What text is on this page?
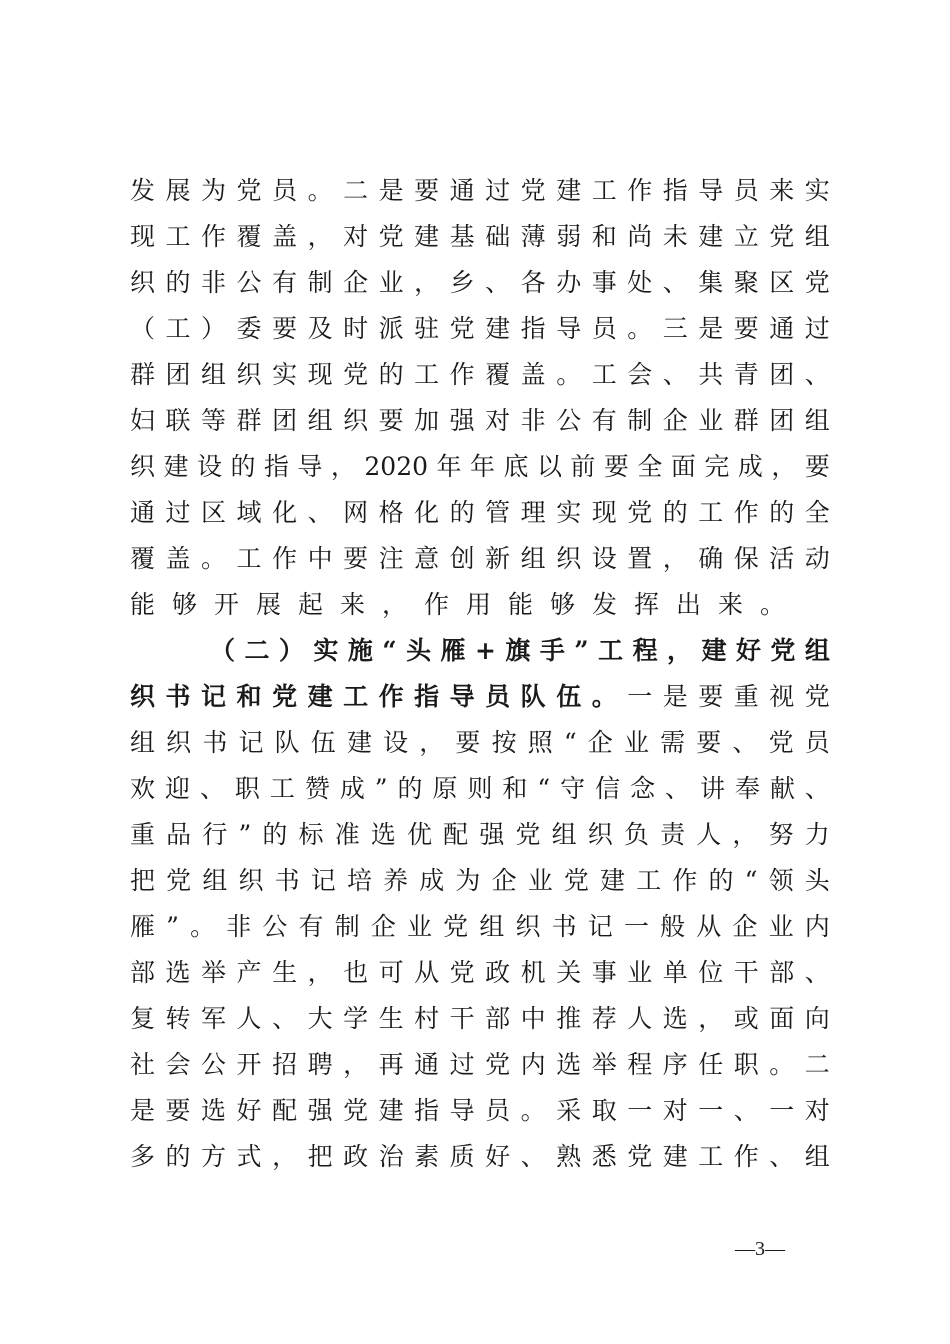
发 展 为 党 员 。 二 是 要 通 过 党 建 工 作 指 导 员 来 实
现 工 作 覆 盖 ， 对 党 建 基 础 薄 弱 和 尚 未 建 立 党 组
织 的 非 公 有 制 企 业 ， 乡 、 各 办 事 处 、 集 聚 区 党
（ 工 ） 委 要 及 时 派 驻 党 建 指 导 员 。 三 是 要 通 过
群 团 组 织 实 现 党 的 工 作 覆 盖 。 工 会 、 共 青 团 、
妇 联 等 群 团 组 织 要 加 强 对 非 公 有 制 企 业 群 团 组
织 建 设 的 指 导 ， 2020 年 年 底 以 前 要 全 面 完 成 ， 要
通 过 区 域 化 、 网 格 化 的 管 理 实 现 党 的 工 作 的 全
覆 盖 。 工 作 中 要 注 意 创 新 组 织 设 置 ， 确 保 活 动
能够开展起来，作用能够发挥出来。
（ 二 ） 实 施 “ 头 雁 + 旗 手 ” 工 程 ， 建 好 党 组
织 书 记 和 党 建 工 作 指 导 员 队 伍 。 一 是 要 重 视 党
组 织 书 记 队 伍 建 设 ， 要 按 照 “ 企 业 需 要 、 党 员
欢 迎 、 职 工 赞 成 ” 的 原 则 和 “ 守 信 念 、 讲 奉 献 、
重 品 行 ” 的 标 准 选 优 配 强 党 组 织 负 责 人 ， 努 力
把 党 组 织 书 记 培 养 成 为 企 业 党 建 工 作 的 “ 领 头
雁 ” 。 非 公 有 制 企 业 党 组 织 书 记 一 般 从 企 业 内
部 选 举 产 生 ， 也 可 从 党 政 机 关 事 业 单 位 干 部 、
复 转 军 人 、 大 学 生 村 干 部 中 推 荐 人 选 ， 或 面 向
社 会 公 开 招 聘 ， 再 通 过 党 内 选 举 程 序 任 职 。 二
是 要 选 好 配 强 党 建 指 导 员 。 采 取 一 对 一 、 一 对
多 的 方 式 ， 把 政 治 素 质 好 、 熟 悉 党 建 工 作 、 组
—3—
